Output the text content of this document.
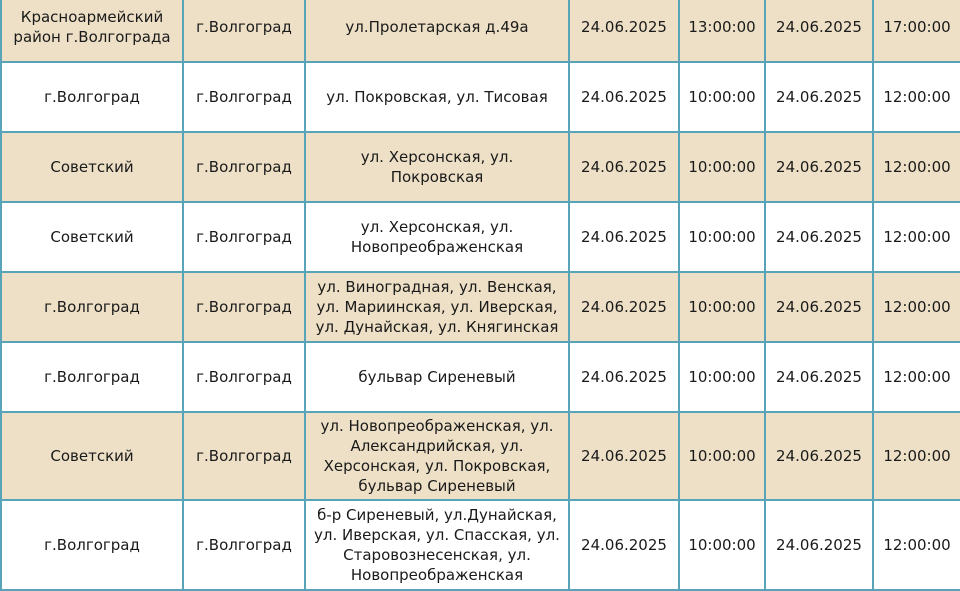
Красноармейский район г.Волгограда	г.Волгоград	ул.Пролетарская д.49а	24.06.2025	13:00:00	24.06.2025	17:00:00
г.Волгоград	г.Волгоград	ул. Покровская, ул. Тисовая	24.06.2025	10:00:00	24.06.2025	12:00:00
Советский	г.Волгоград	ул. Херсонская, ул. Покровская	24.06.2025	10:00:00	24.06.2025	12:00:00
Советский	г.Волгоград	ул. Херсонская, ул. Новопреображенская	24.06.2025	10:00:00	24.06.2025	12:00:00
г.Волгоград	г.Волгоград	ул. Виноградная, ул. Венская, ул. Мариинская, ул. Иверская, ул. Дунайская, ул. Княгинская	24.06.2025	10:00:00	24.06.2025	12:00:00
г.Волгоград	г.Волгоград	бульвар Сиреневый	24.06.2025	10:00:00	24.06.2025	12:00:00
Советский	г.Волгоград	ул. Новопреображенская, ул. Александрийская, ул. Херсонская, ул. Покровская, бульвар Сиреневый	24.06.2025	10:00:00	24.06.2025	12:00:00
г.Волгоград	г.Волгоград	б-р Сиреневый, ул.Дунайская, ул. Иверская, ул. Спасская, ул. Старовознесенская, ул. Новопреображенская	24.06.2025	10:00:00	24.06.2025	12:00:00
